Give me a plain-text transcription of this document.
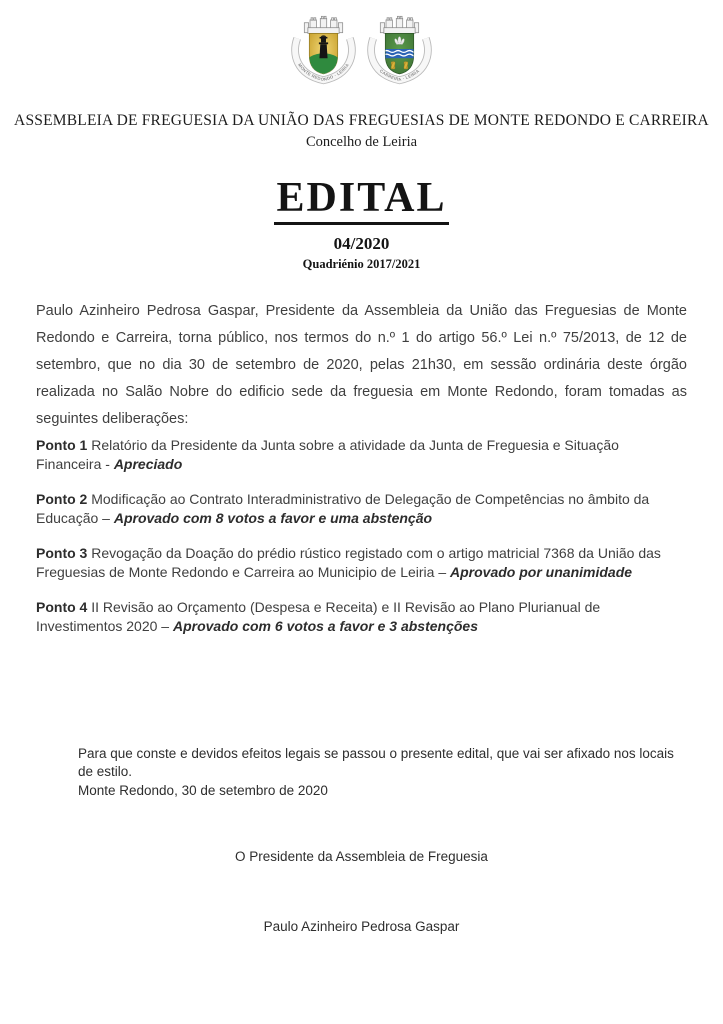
MONTE REDONDO · LEIRIA
CARREIRA · LEIRIA
ASSEMBLEIA DE FREGUESIA DA UNIÃO DAS FREGUESIAS DE MONTE REDONDO E CARREIRA
Concelho de Leiria
EDITAL
04/2020
Quadriénio 2017/2021

Paulo Azinheiro Pedrosa Gaspar, Presidente da Assembleia da União das Freguesias de Monte Redondo e Carreira, torna público, nos termos do n.º 1 do artigo 56.º Lei n.º 75/2013, de 12 de setembro, que no dia 30 de setembro de 2020, pelas 21h30, em sessão ordinária deste órgão realizada no Salão Nobre do edificio sede da freguesia em Monte Redondo, foram tomadas as seguintes deliberações:

Ponto 1 Relatório da Presidente da Junta sobre a atividade da Junta de Freguesia e Situação Financeira - Apreciado

Ponto 2 Modificação ao Contrato Interadministrativo de Delegação de Competências no âmbito da Educação – Aprovado com 8 votos a favor e uma abstenção

Ponto 3 Revogação da Doação do prédio rústico registado com o artigo matricial 7368 da União das Freguesias de Monte Redondo e Carreira ao Municipio de Leiria – Aprovado por unanimidade

Ponto 4 II Revisão ao Orçamento (Despesa e Receita) e II Revisão ao Plano Plurianual de Investimentos 2020 – Aprovado com 6 votos a favor e 3 abstenções

Para que conste e devidos efeitos legais se passou o presente edital, que vai ser afixado nos locais de estilo.
Monte Redondo, 30 de setembro de 2020
O Presidente da Assembleia de Freguesia
Paulo Azinheiro Pedrosa Gaspar
